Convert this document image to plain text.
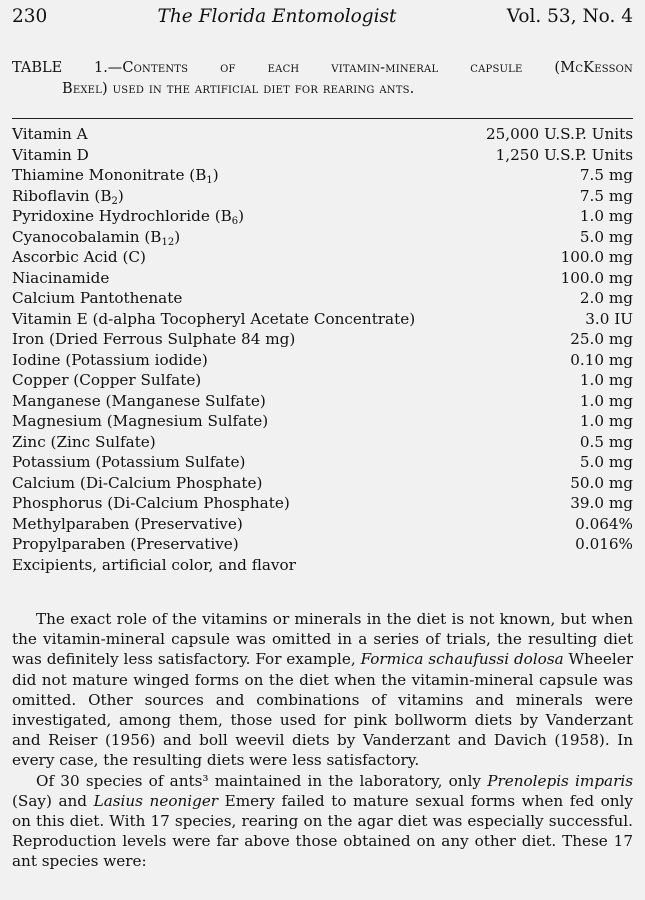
230	The Florida Entomologist	Vol. 53, No. 4
TABLE 1.—Contents of each vitamin-mineral capsule (McKesson
Bexel) used in the artificial diet for rearing ants.
Vitamin A	25,000 U.S.P. Units
Vitamin D	1,250 U.S.P. Units
Thiamine Mononitrate $(B_1)$	7.5 mg
Riboflavin $(B_2)$	7.5 mg
Pyridoxine Hydrochloride $(B_6)$	1.0 mg
Cyanocobalamin $(B_{12})$	5.0 mg
Ascorbic Acid (C)	100.0 mg
Niacinamide	100.0 mg
Calcium Pantothenate	2.0 mg
Vitamin E (d-alpha Tocopheryl Acetate Concentrate)	3.0 IU
Iron (Dried Ferrous Sulphate 84 mg)	25.0 mg
Iodine (Potassium iodide)	0.10 mg
Copper (Copper Sulfate)	1.0 mg
Manganese (Manganese Sulfate)	1.0 mg
Magnesium (Magnesium Sulfate)	1.0 mg
Zinc (Zinc Sulfate)	0.5 mg
Potassium (Potassium Sulfate)	5.0 mg
Calcium (Di-Calcium Phosphate)	50.0 mg
Phosphorus (Di-Calcium Phosphate)	39.0 mg
Methylparaben (Preservative)	0.064%
Propylparaben (Preservative)	0.016%
Excipients, artificial color, and flavor

The exact role of the vitamins or minerals in the diet is not known, but when the vitamin-mineral capsule was omitted in a series of trials, the resulting diet was definitely less satisfactory. For example, Formica schaufussi dolosa Wheeler did not mature winged forms on the diet when the vitamin-mineral capsule was omitted. Other sources and combinations of vitamins and minerals were investigated, among them, those used for pink bollworm diets by Vanderzant and Reiser (1956) and boll weevil diets by Vanderzant and Davich (1958). In every case, the resulting diets were less satisfactory.

Of 30 species of ants³ maintained in the laboratory, only Prenolepis imparis (Say) and Lasius neoniger Emery failed to mature sexual forms when fed only on this diet. With 17 species, rearing on the agar diet was especially successful. Reproduction levels were far above those obtained on any other diet. These 17 ant species were:
